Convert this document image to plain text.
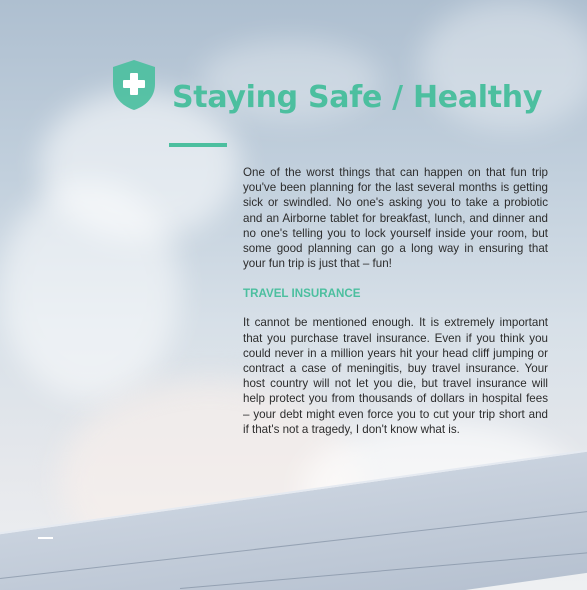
Staying Safe / Healthy

One of the worst things that can happen on that fun trip you've been planning for the last several months is getting sick or swindled. No one's asking you to take a probiotic and an Airborne tablet for breakfast, lunch, and dinner and no one's telling you to lock yourself inside your room, but some good planning can go a long way in ensuring that your fun trip is just that – fun!

TRAVEL INSURANCE

It cannot be mentioned enough. It is extremely important that you purchase travel insurance. Even if you think you could never in a million years hit your head cliff jumping or contract a case of meningitis, buy travel insurance. Your host country will not let you die, but travel insurance will help protect you from thousands of dollars in hospital fees – your debt might even force you to cut your trip short and if that's not a tragedy, I don't know what is.
